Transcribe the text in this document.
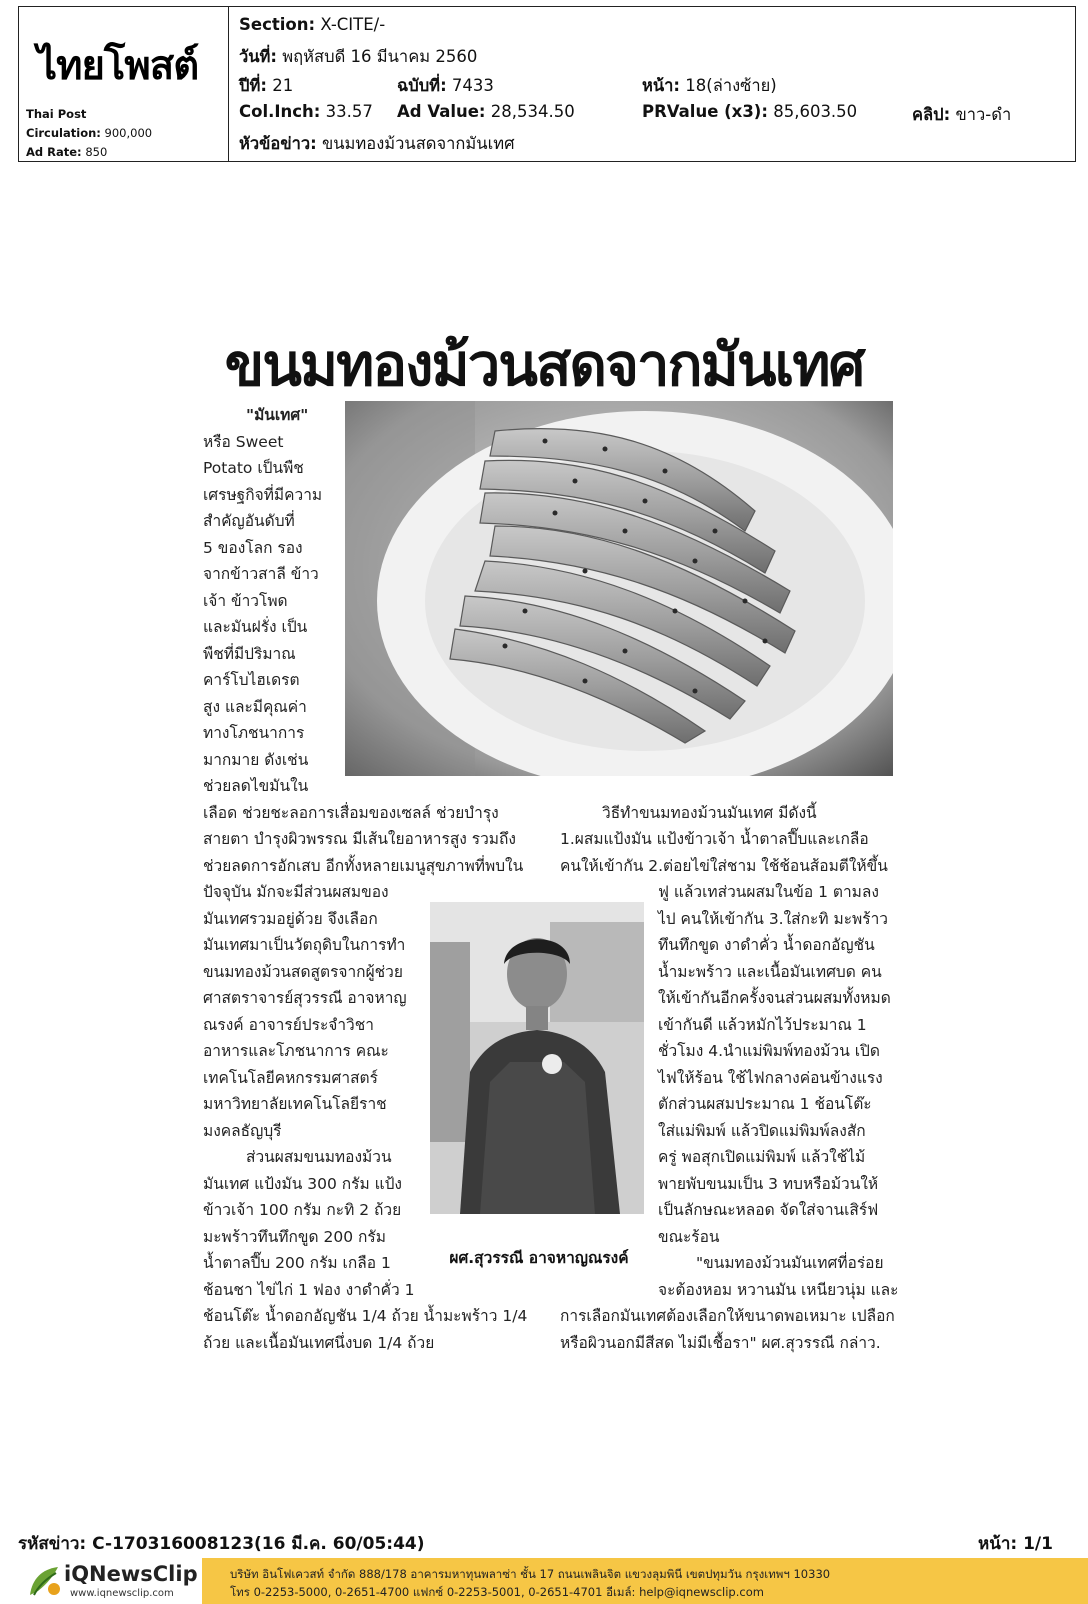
ไทยโพสต์
Thai Post
Circulation: 900,000
Ad Rate: 850
Section: X-CITE/-
วันที่: พฤหัสบดี 16 มีนาคม 2560
ปีที่: 21	ฉบับที่: 7433	หน้า: 18(ล่างซ้าย)
Col.Inch: 33.57 Ad Value: 28,534.50	PRValue (x3): 85,603.50	คลิป: ขาว-ดำ
หัวข้อข่าว: ขนมทองม้วนสดจากมันเทศ
ขนมทองม้วนสดจากมันเทศ
ผศ.สุวรรณี อาจหาญณรงค์
"มันเทศ"
หรือ Sweet
Potato เป็นพืช
เศรษฐกิจที่มีความ
สำคัญอันดับที่
5 ของโลก รอง
จากข้าวสาลี ข้าว
เจ้า ข้าวโพด
และมันฝรั่ง เป็น
พืชที่มีปริมาณ
คาร์โบไฮเดรต
สูง และมีคุณค่า
ทางโภชนาการ
มากมาย ดังเช่น
ช่วยลดไขมันใน
เลือด ช่วยชะลอการเสื่อมของเซลล์ ช่วยบำรุง
สายตา บำรุงผิวพรรณ มีเส้นใยอาหารสูง รวมถึง
ช่วยลดการอักเสบ อีกทั้งหลายเมนูสุขภาพที่พบใน
ปัจจุบัน มักจะมีส่วนผสมของ
มันเทศรวมอยู่ด้วย จึงเลือก
มันเทศมาเป็นวัตถุดิบในการทำ
ขนมทองม้วนสดสูตรจากผู้ช่วย
ศาสตราจารย์สุวรรณี อาจหาญ
ณรงค์ อาจารย์ประจำวิชา
อาหารและโภชนาการ คณะ
เทคโนโลยีคหกรรมศาสตร์
มหาวิทยาลัยเทคโนโลยีราช
มงคลธัญบุรี
ส่วนผสมขนมทองม้วน
มันเทศ แป้งมัน 300 กรัม แป้ง
ข้าวเจ้า 100 กรัม กะทิ 2 ถ้วย
มะพร้าวทึนทึกขูด 200 กรัม
น้ำตาลปี๊บ 200 กรัม เกลือ 1
ช้อนชา ไข่ไก่ 1 ฟอง งาดำคั่ว 1
ช้อนโต๊ะ น้ำดอกอัญชัน 1/4 ถ้วย น้ำมะพร้าว 1/4
ถ้วย และเนื้อมันเทศนึ่งบด 1/4 ถ้วย
วิธีทำขนมทองม้วนมันเทศ มีดังนี้
1.ผสมแป้งมัน แป้งข้าวเจ้า น้ำตาลปี๊บและเกลือ
คนให้เข้ากัน 2.ต่อยไข่ใส่ชาม ใช้ช้อนส้อมตีให้ขึ้น
ฟู แล้วเทส่วนผสมในข้อ 1 ตามลง
ไป คนให้เข้ากัน 3.ใส่กะทิ มะพร้าว
ทึนทึกขูด งาดำคั่ว น้ำดอกอัญชัน
น้ำมะพร้าว และเนื้อมันเทศบด คน
ให้เข้ากันอีกครั้งจนส่วนผสมทั้งหมด
เข้ากันดี แล้วหมักไว้ประมาณ 1
ชั่วโมง 4.นำแม่พิมพ์ทองม้วน เปิด
ไฟให้ร้อน ใช้ไฟกลางค่อนข้างแรง
ตักส่วนผสมประมาณ 1 ช้อนโต๊ะ
ใส่แม่พิมพ์ แล้วปิดแม่พิมพ์ลงสัก
ครู่ พอสุกเปิดแม่พิมพ์ แล้วใช้ไม้
พายพับขนมเป็น 3 ทบหรือม้วนให้
เป็นลักษณะหลอด จัดใส่จานเสิร์ฟ
ขณะร้อน
"ขนมทองม้วนมันเทศที่อร่อย
จะต้องหอม หวานมัน เหนียวนุ่ม และ
การเลือกมันเทศต้องเลือกให้ขนาดพอเหมาะ เปลือก
หรือผิวนอกมีสีสด ไม่มีเชื้อรา" ผศ.สุวรรณี กล่าว.
รหัสข่าว: C-170316008123(16 มี.ค. 60/05:44)	หน้า: 1/1
iQNewsClip
www.iqnewsclip.com
บริษัท อินโฟเควสท์ จำกัด 888/178 อาคารมหาทุนพลาซ่า ชั้น 17 ถนนเพลินจิต แขวงลุมพินี เขตปทุมวัน กรุงเทพฯ 10330
โทร 0-2253-5000, 0-2651-4700 แฟกซ์ 0-2253-5001, 0-2651-4701 อีเมล์: help@iqnewsclip.com
